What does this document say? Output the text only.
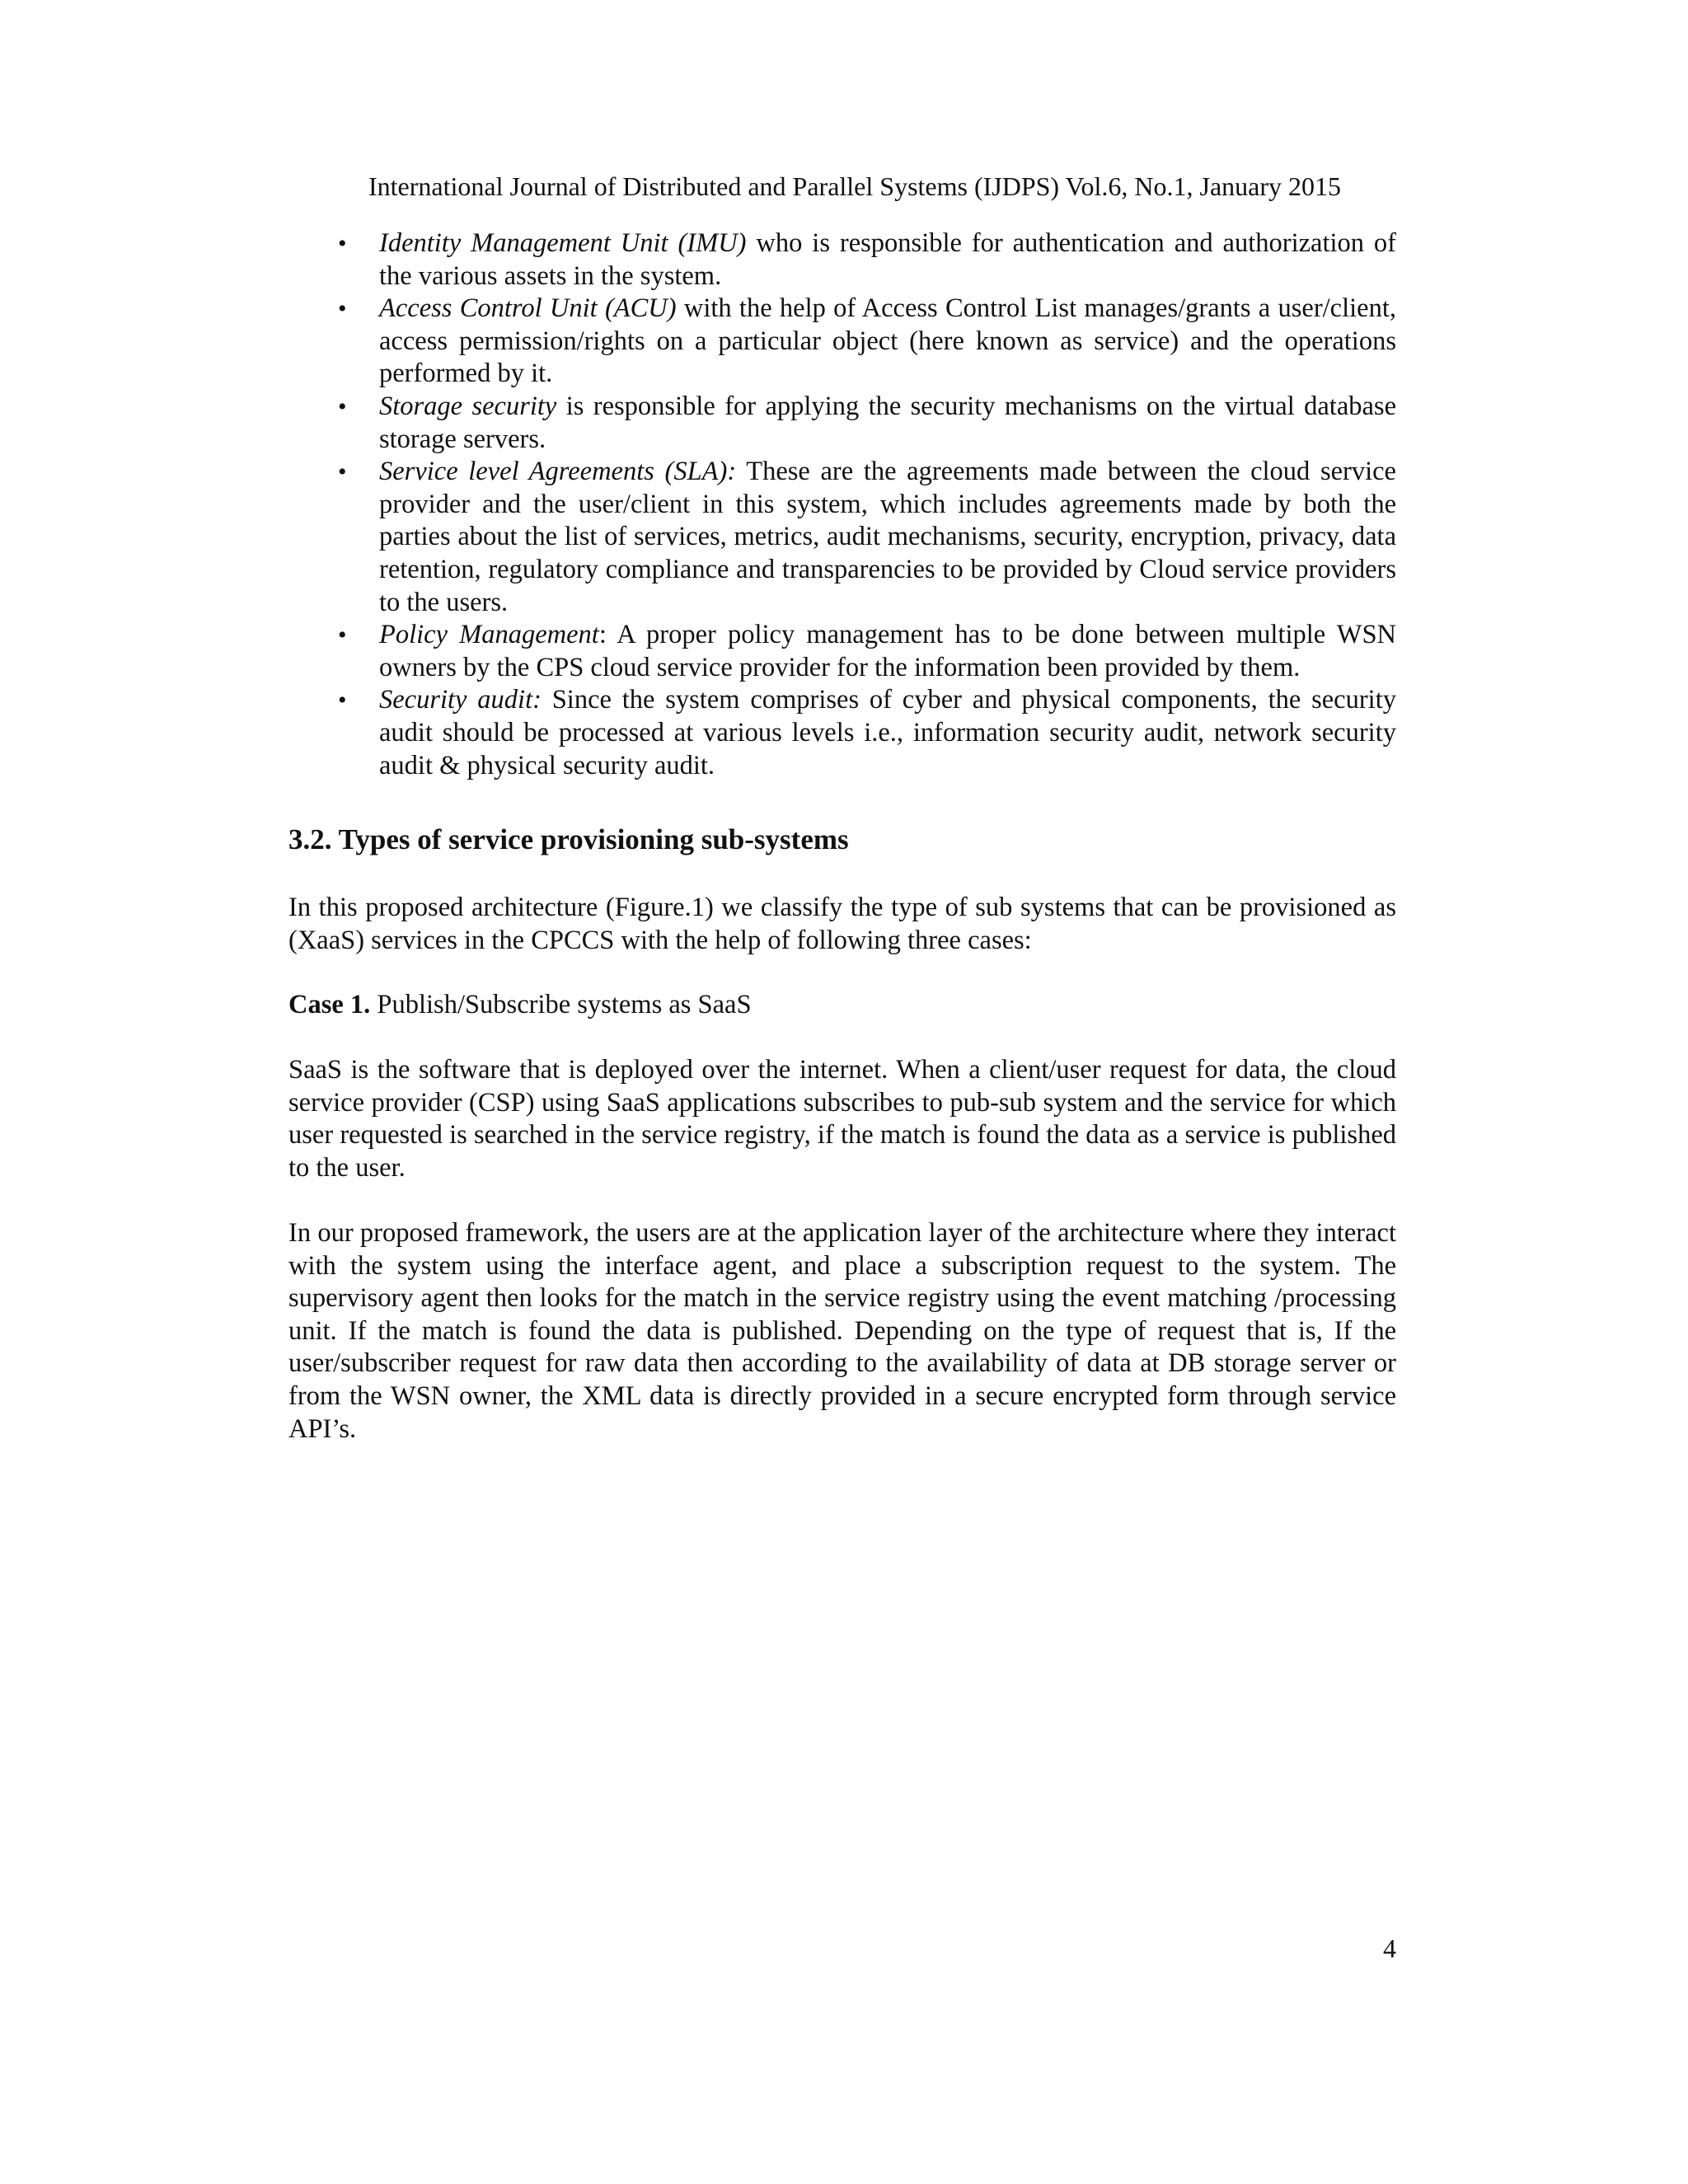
International Journal of Distributed and Parallel Systems (IJDPS) Vol.6, No.1, January 2015
• Identity Management Unit (IMU) who is responsible for authentication and authorization of the various assets in the system.
• Access Control Unit (ACU) with the help of Access Control List manages/grants a user/client, access permission/rights on a particular object (here known as service) and the operations performed by it.
• Storage security is responsible for applying the security mechanisms on the virtual database storage servers.
• Service level Agreements (SLA): These are the agreements made between the cloud service provider and the user/client in this system, which includes agreements made by both the parties about the list of services, metrics, audit mechanisms, security, encryption, privacy, data retention, regulatory compliance and transparencies to be provided by Cloud service providers to the users.
• Policy Management: A proper policy management has to be done between multiple WSN owners by the CPS cloud service provider for the information been provided by them.
• Security audit: Since the system comprises of cyber and physical components, the security audit should be processed at various levels i.e., information security audit, network security audit & physical security audit.
3.2. Types of service provisioning sub-systems

In this proposed architecture (Figure.1) we classify the type of sub systems that can be provisioned as (XaaS) services in the CPCCS with the help of following three cases:

Case 1. Publish/Subscribe systems as SaaS

SaaS is the software that is deployed over the internet. When a client/user request for data, the cloud service provider (CSP) using SaaS applications subscribes to pub-sub system and the service for which user requested is searched in the service registry, if the match is found the data as a service is published to the user.

In our proposed framework, the users are at the application layer of the architecture where they interact with the system using the interface agent, and place a subscription request to the system. The supervisory agent then looks for the match in the service registry using the event matching /processing unit. If the match is found the data is published. Depending on the type of request that is, If the user/subscriber request for raw data then according to the availability of data at DB storage server or from the WSN owner, the XML data is directly provided in a secure encrypted form through service API’s.

4
